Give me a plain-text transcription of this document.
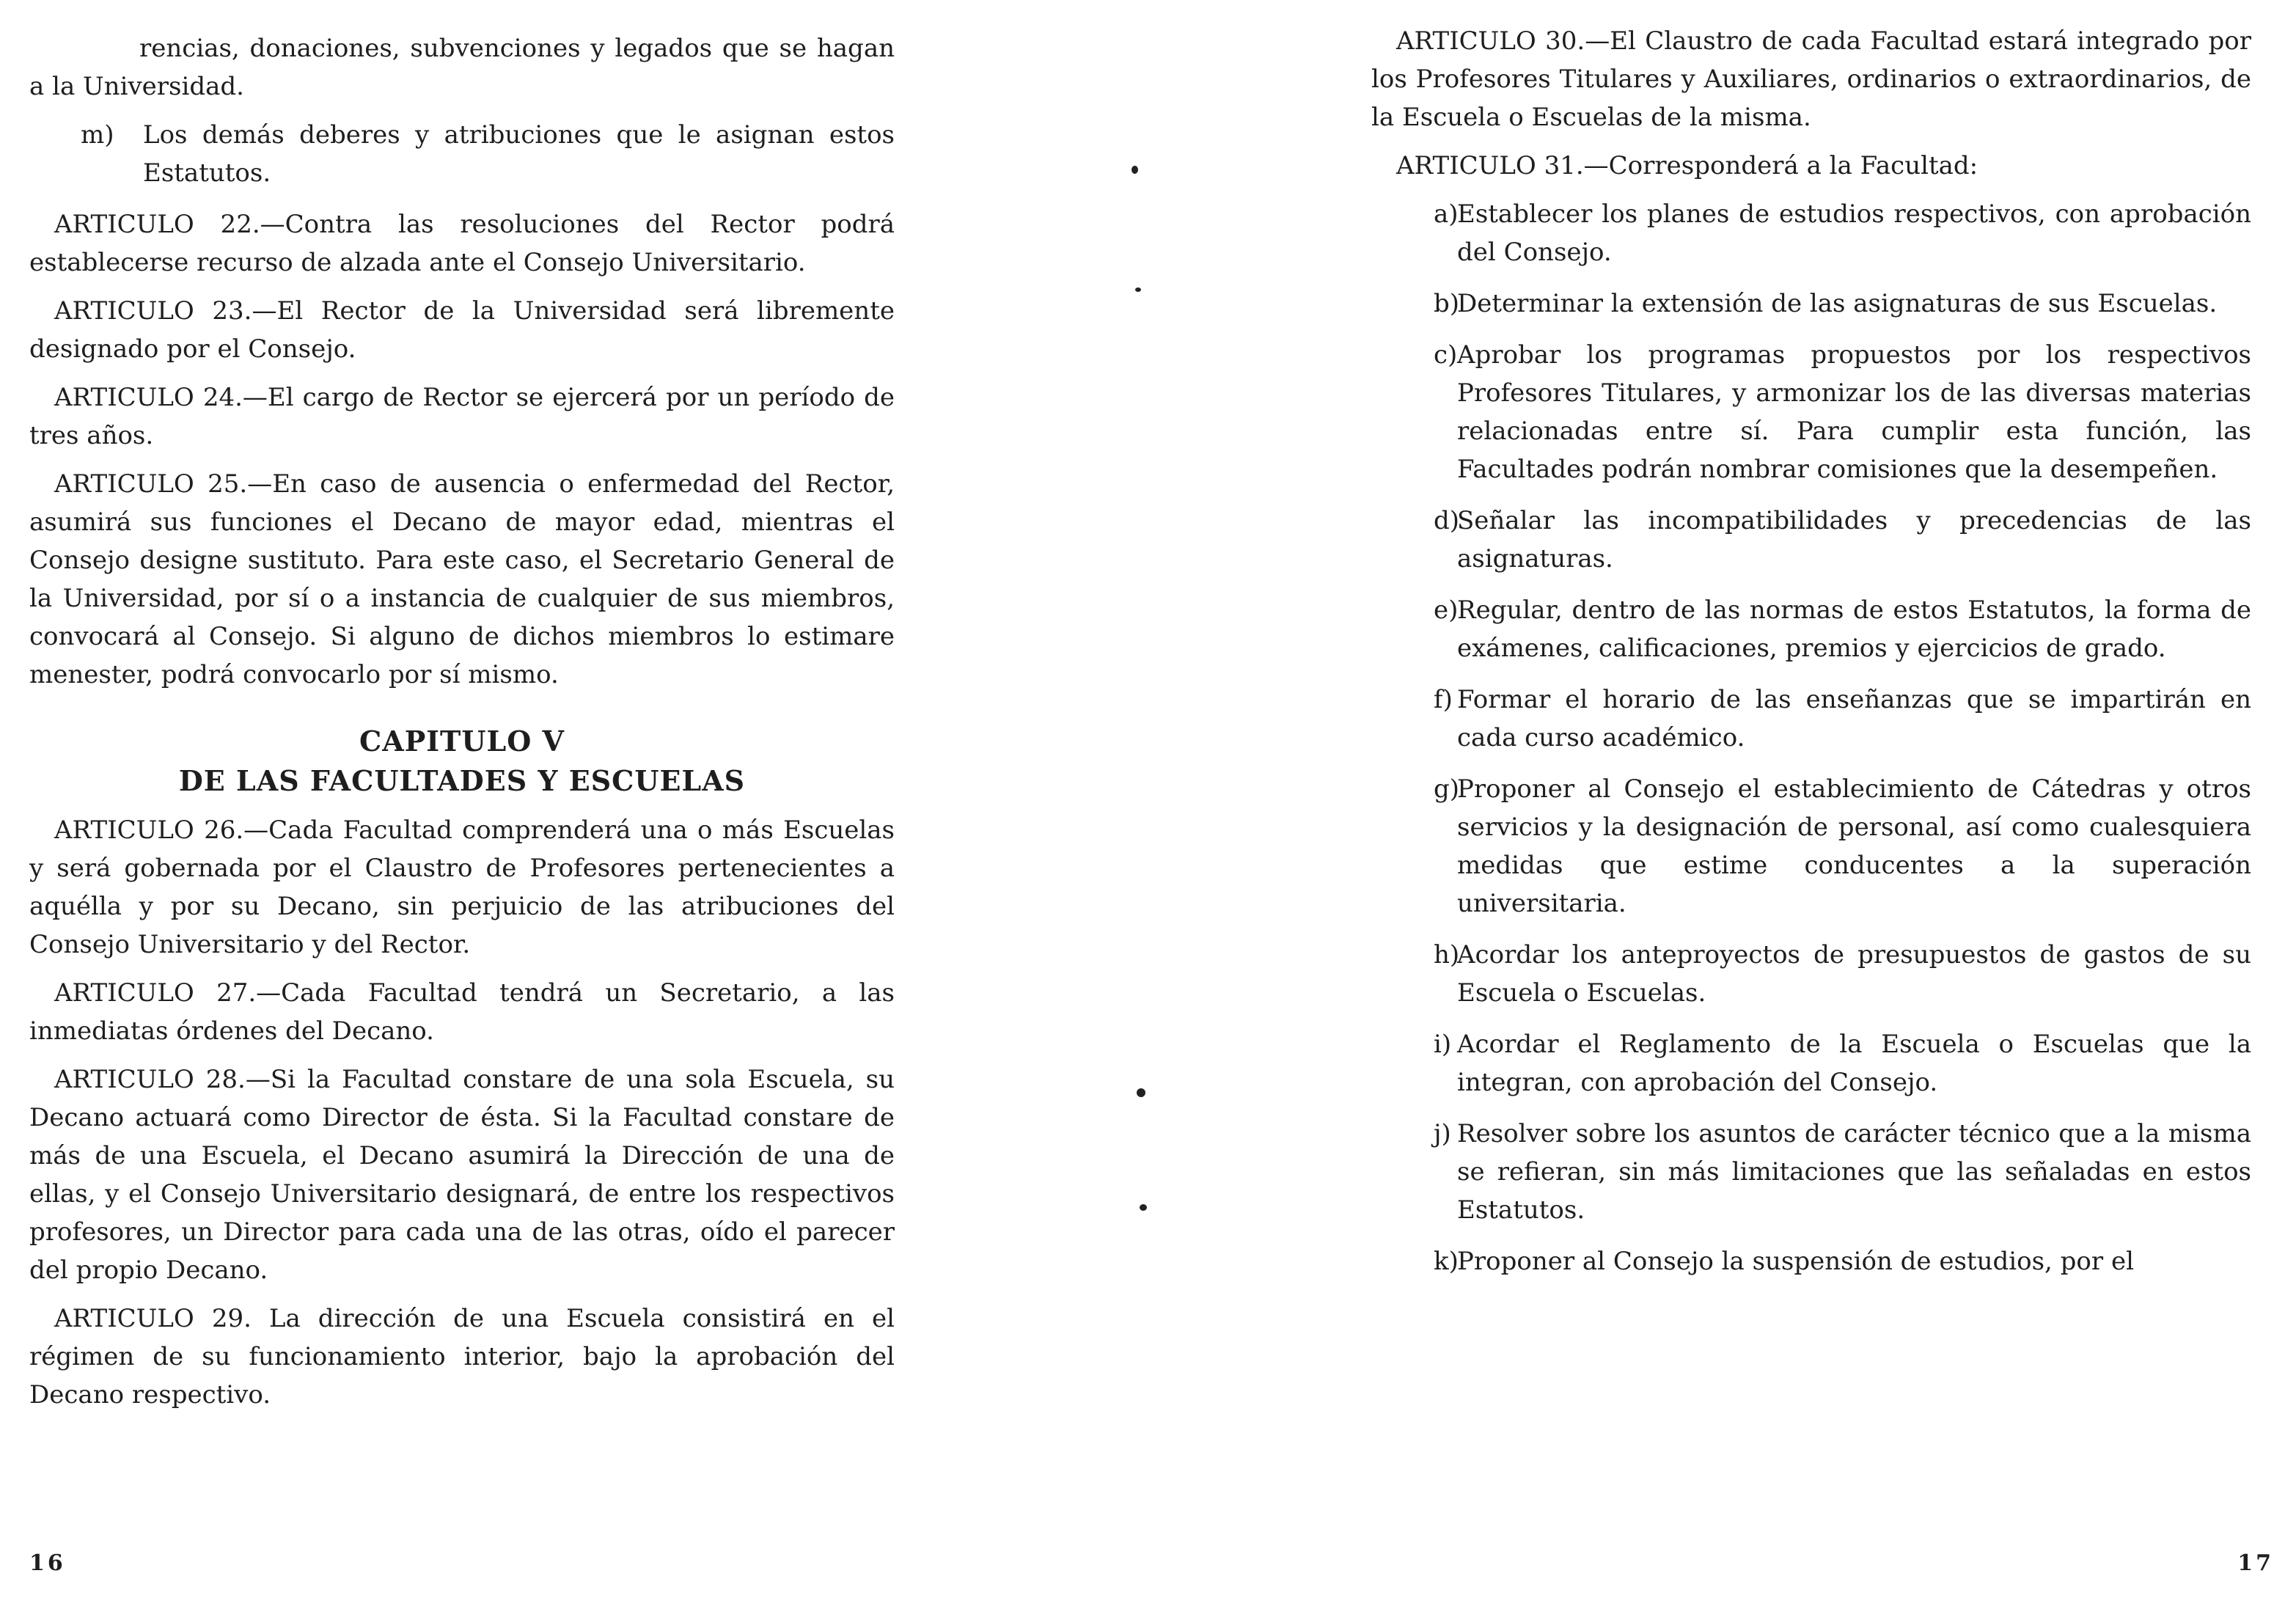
rencias, donaciones, subvenciones y legados que se hagan a la Universidad.

m)	Los demás deberes y atribuciones que le asignan estos Estatutos.

ARTICULO 22.—Contra las resoluciones del Rector podrá establecerse recurso de alzada ante el Consejo Universitario.

ARTICULO 23.—El Rector de la Universidad será libremente designado por el Consejo.

ARTICULO 24.—El cargo de Rector se ejercerá por un período de tres años.

ARTICULO 25.—En caso de ausencia o enfermedad del Rector, asumirá sus funciones el Decano de mayor edad, mientras el Consejo designe sustituto. Para este caso, el Secretario General de la Universidad, por sí o a instancia de cualquier de sus miembros, convocará al Consejo. Si alguno de dichos miembros lo estimare menester, podrá convocarlo por sí mismo.

CAPITULO V
DE LAS FACULTADES Y ESCUELAS

ARTICULO 26.—Cada Facultad comprenderá una o más Escuelas y será gobernada por el Claustro de Profesores pertenecientes a aquélla y por su Decano, sin perjuicio de las atribuciones del Consejo Universitario y del Rector.

ARTICULO 27.—Cada Facultad tendrá un Secretario, a las inmediatas órdenes del Decano.

ARTICULO 28.—Si la Facultad constare de una sola Escuela, su Decano actuará como Director de ésta. Si la Facultad constare de más de una Escuela, el Decano asumirá la Dirección de una de ellas, y el Consejo Universitario designará, de entre los respectivos profesores, un Director para cada una de las otras, oído el parecer del propio Decano.

ARTICULO 29. La dirección de una Escuela consistirá en el régimen de su funcionamiento interior, bajo la aprobación del Decano respectivo.

16

ARTICULO 30.—El Claustro de cada Facultad estará integrado por los Profesores Titulares y Auxiliares, ordinarios o extraordinarios, de la Escuela o Escuelas de la misma.

ARTICULO 31.—Corresponderá a la Facultad:

a)
Establecer los planes de estudios respectivos, con aprobación del Consejo.
b)
Determinar la extensión de las asignaturas de sus Escuelas.
c) Aprobar los programas propuestos por los respectivos Profesores Titulares, y armonizar los de las diversas materias relacionadas entre sí. Para cumplir esta función, las Facultades podrán nombrar comisiones que la desempeñen.
d)
Señalar las incompatibilidades y precedencias de las asignaturas.
e)
Regular, dentro de las normas de estos Estatutos, la forma de exámenes, calificaciones, premios y ejercicios de grado.
f) Formar el horario de las enseñanzas que se impartirán en cada curso académico.
g)
Proponer al Consejo el establecimiento de Cátedras y otros servicios y la designación de personal, así como cualesquiera medidas que estime conducentes a la superación universitaria.
h)
Acordar los anteproyectos de presupuestos de gastos de su Escuela o Escuelas.
i) Acordar el Reglamento de la Escuela o Escuelas que la integran, con aprobación del Consejo.
j) Resolver sobre los asuntos de carácter técnico que a la misma se refieran, sin más limitaciones que las señaladas en estos Estatutos.
k)
Proponer al Consejo la suspensión de estudios, por el
17
